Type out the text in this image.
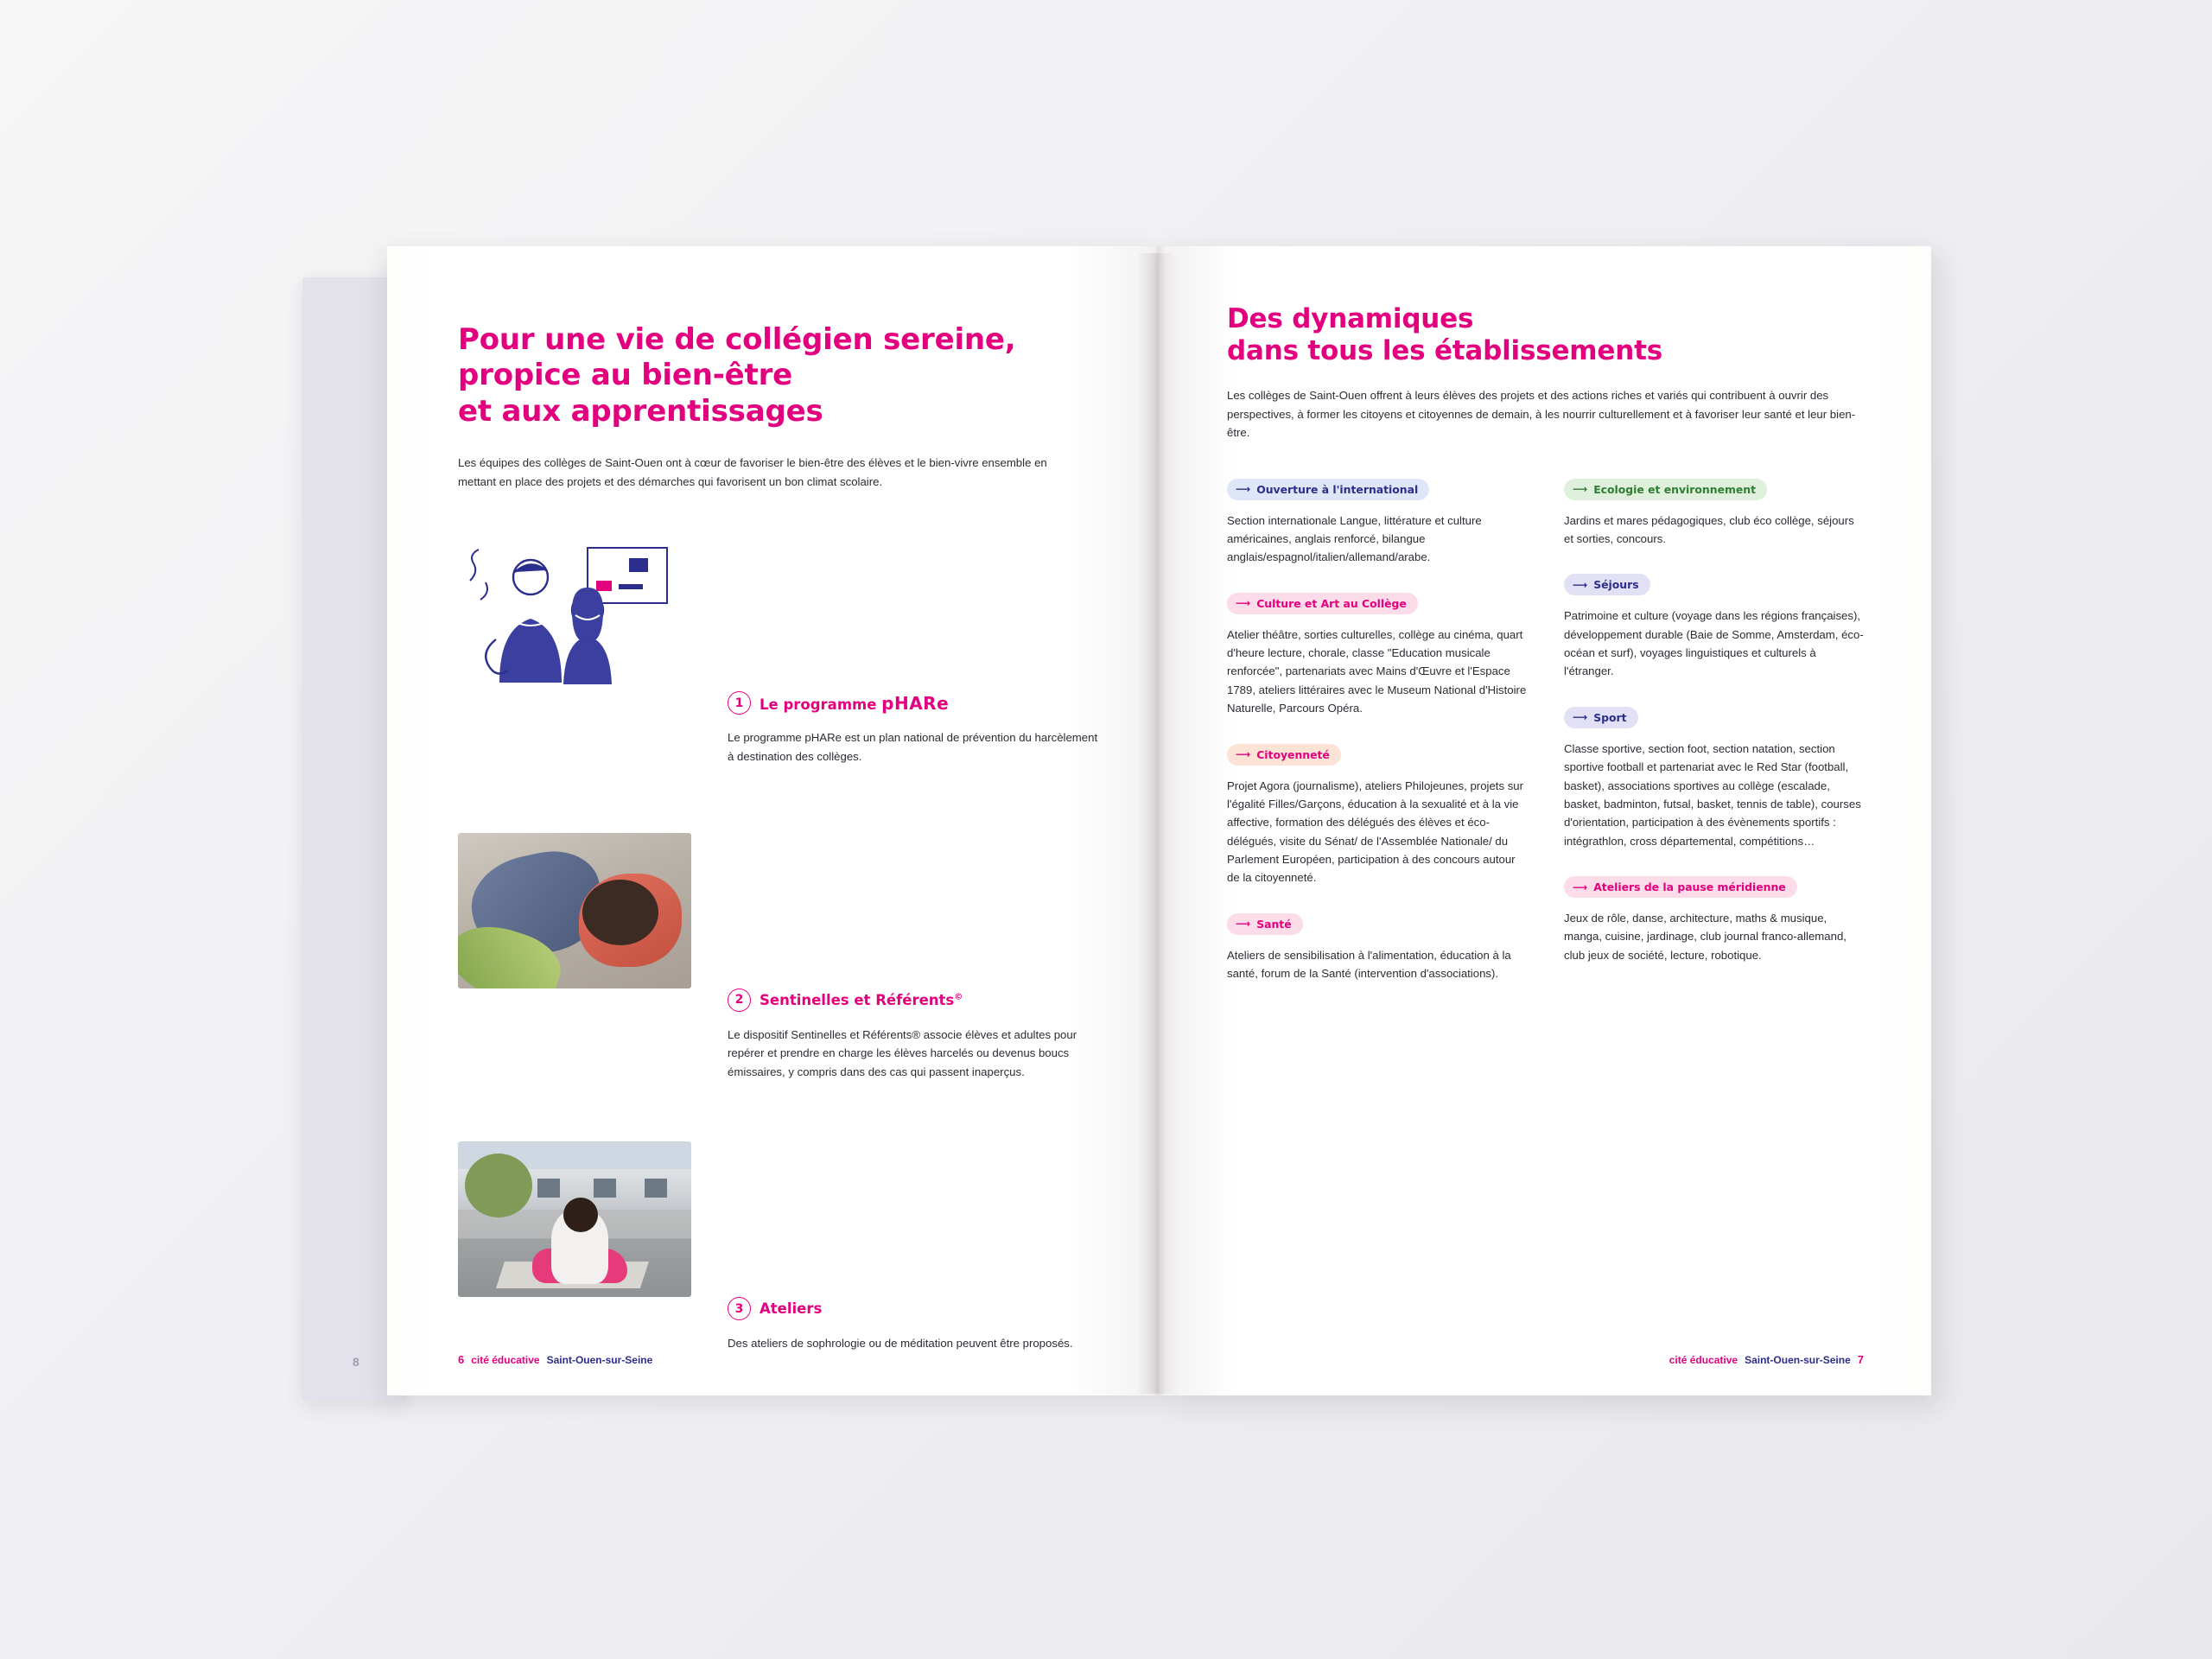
8
Pour une vie de collégien sereine,
propice au bien-être
et aux apprentissages

Les équipes des collèges de Saint-Ouen ont à cœur de favoriser le bien-être des élèves et le bien-vivre ensemble en mettant en place des projets et des démarches qui favorisent un bon climat scolaire.

1	Le programme pHARe

Le programme pHARe est un plan national de prévention du harcèlement à destination des collèges.

2	Sentinelles et Référents©

Le dispositif Sentinelles et Référents® associe élèves et adultes pour repérer et prendre en charge les élèves harcelés ou devenus boucs émissaires, y compris dans des cas qui passent inaperçus.

3	Ateliers

Des ateliers de sophrologie ou de méditation peuvent être proposés.

6 cité éducative Saint-Ouen-sur-Seine
Des dynamiques
dans tous les établissements

Les collèges de Saint-Ouen offrent à leurs élèves des projets et des actions riches et variés qui contribuent à ouvrir des perspectives, à former les citoyens et citoyennes de demain, à les nourrir culturellement et à favoriser leur santé et leur bien-être.

⟶ Ouverture à l'international

Section internationale Langue, littérature et culture américaines, anglais renforcé, bilangue anglais/espagnol/italien/allemand/arabe.

⟶ Culture et Art au Collège

Atelier théâtre, sorties culturelles, collège au cinéma, quart d'heure lecture, chorale, classe "Education musicale renforcée", partenariats avec Mains d'Œuvre et l'Espace 1789, ateliers littéraires avec le Museum National d'Histoire Naturelle, Parcours Opéra.

⟶ Citoyenneté

Projet Agora (journalisme), ateliers Philojeunes, projets sur l'égalité Filles/Garçons, éducation à la sexualité et à la vie affective, formation des délégués des élèves et éco-délégués, visite du Sénat/ de l'Assemblée Nationale/ du Parlement Européen, participation à des concours autour de la citoyenneté.

⟶ Santé

Ateliers de sensibilisation à l'alimentation, éducation à la santé, forum de la Santé (intervention d'associations).

⟶ Ecologie et environnement

Jardins et mares pédagogiques, club éco collège, séjours et sorties, concours.

⟶ Séjours

Patrimoine et culture (voyage dans les régions françaises), développement durable (Baie de Somme, Amsterdam, éco-océan et surf), voyages linguistiques et culturels à l'étranger.

⟶ Sport

Classe sportive, section foot, section natation, section sportive football et partenariat avec le Red Star (football, basket), associations sportives au collège (escalade, basket, badminton, futsal, basket, tennis de table), courses d'orientation, participation à des évènements sportifs : intégrathlon, cross départemental, compétitions…

⟶ Ateliers de la pause méridienne

Jeux de rôle, danse, architecture, maths & musique, manga, cuisine, jardinage, club journal franco-allemand, club jeux de société, lecture, robotique.

cité éducative Saint-Ouen-sur-Seine 7
